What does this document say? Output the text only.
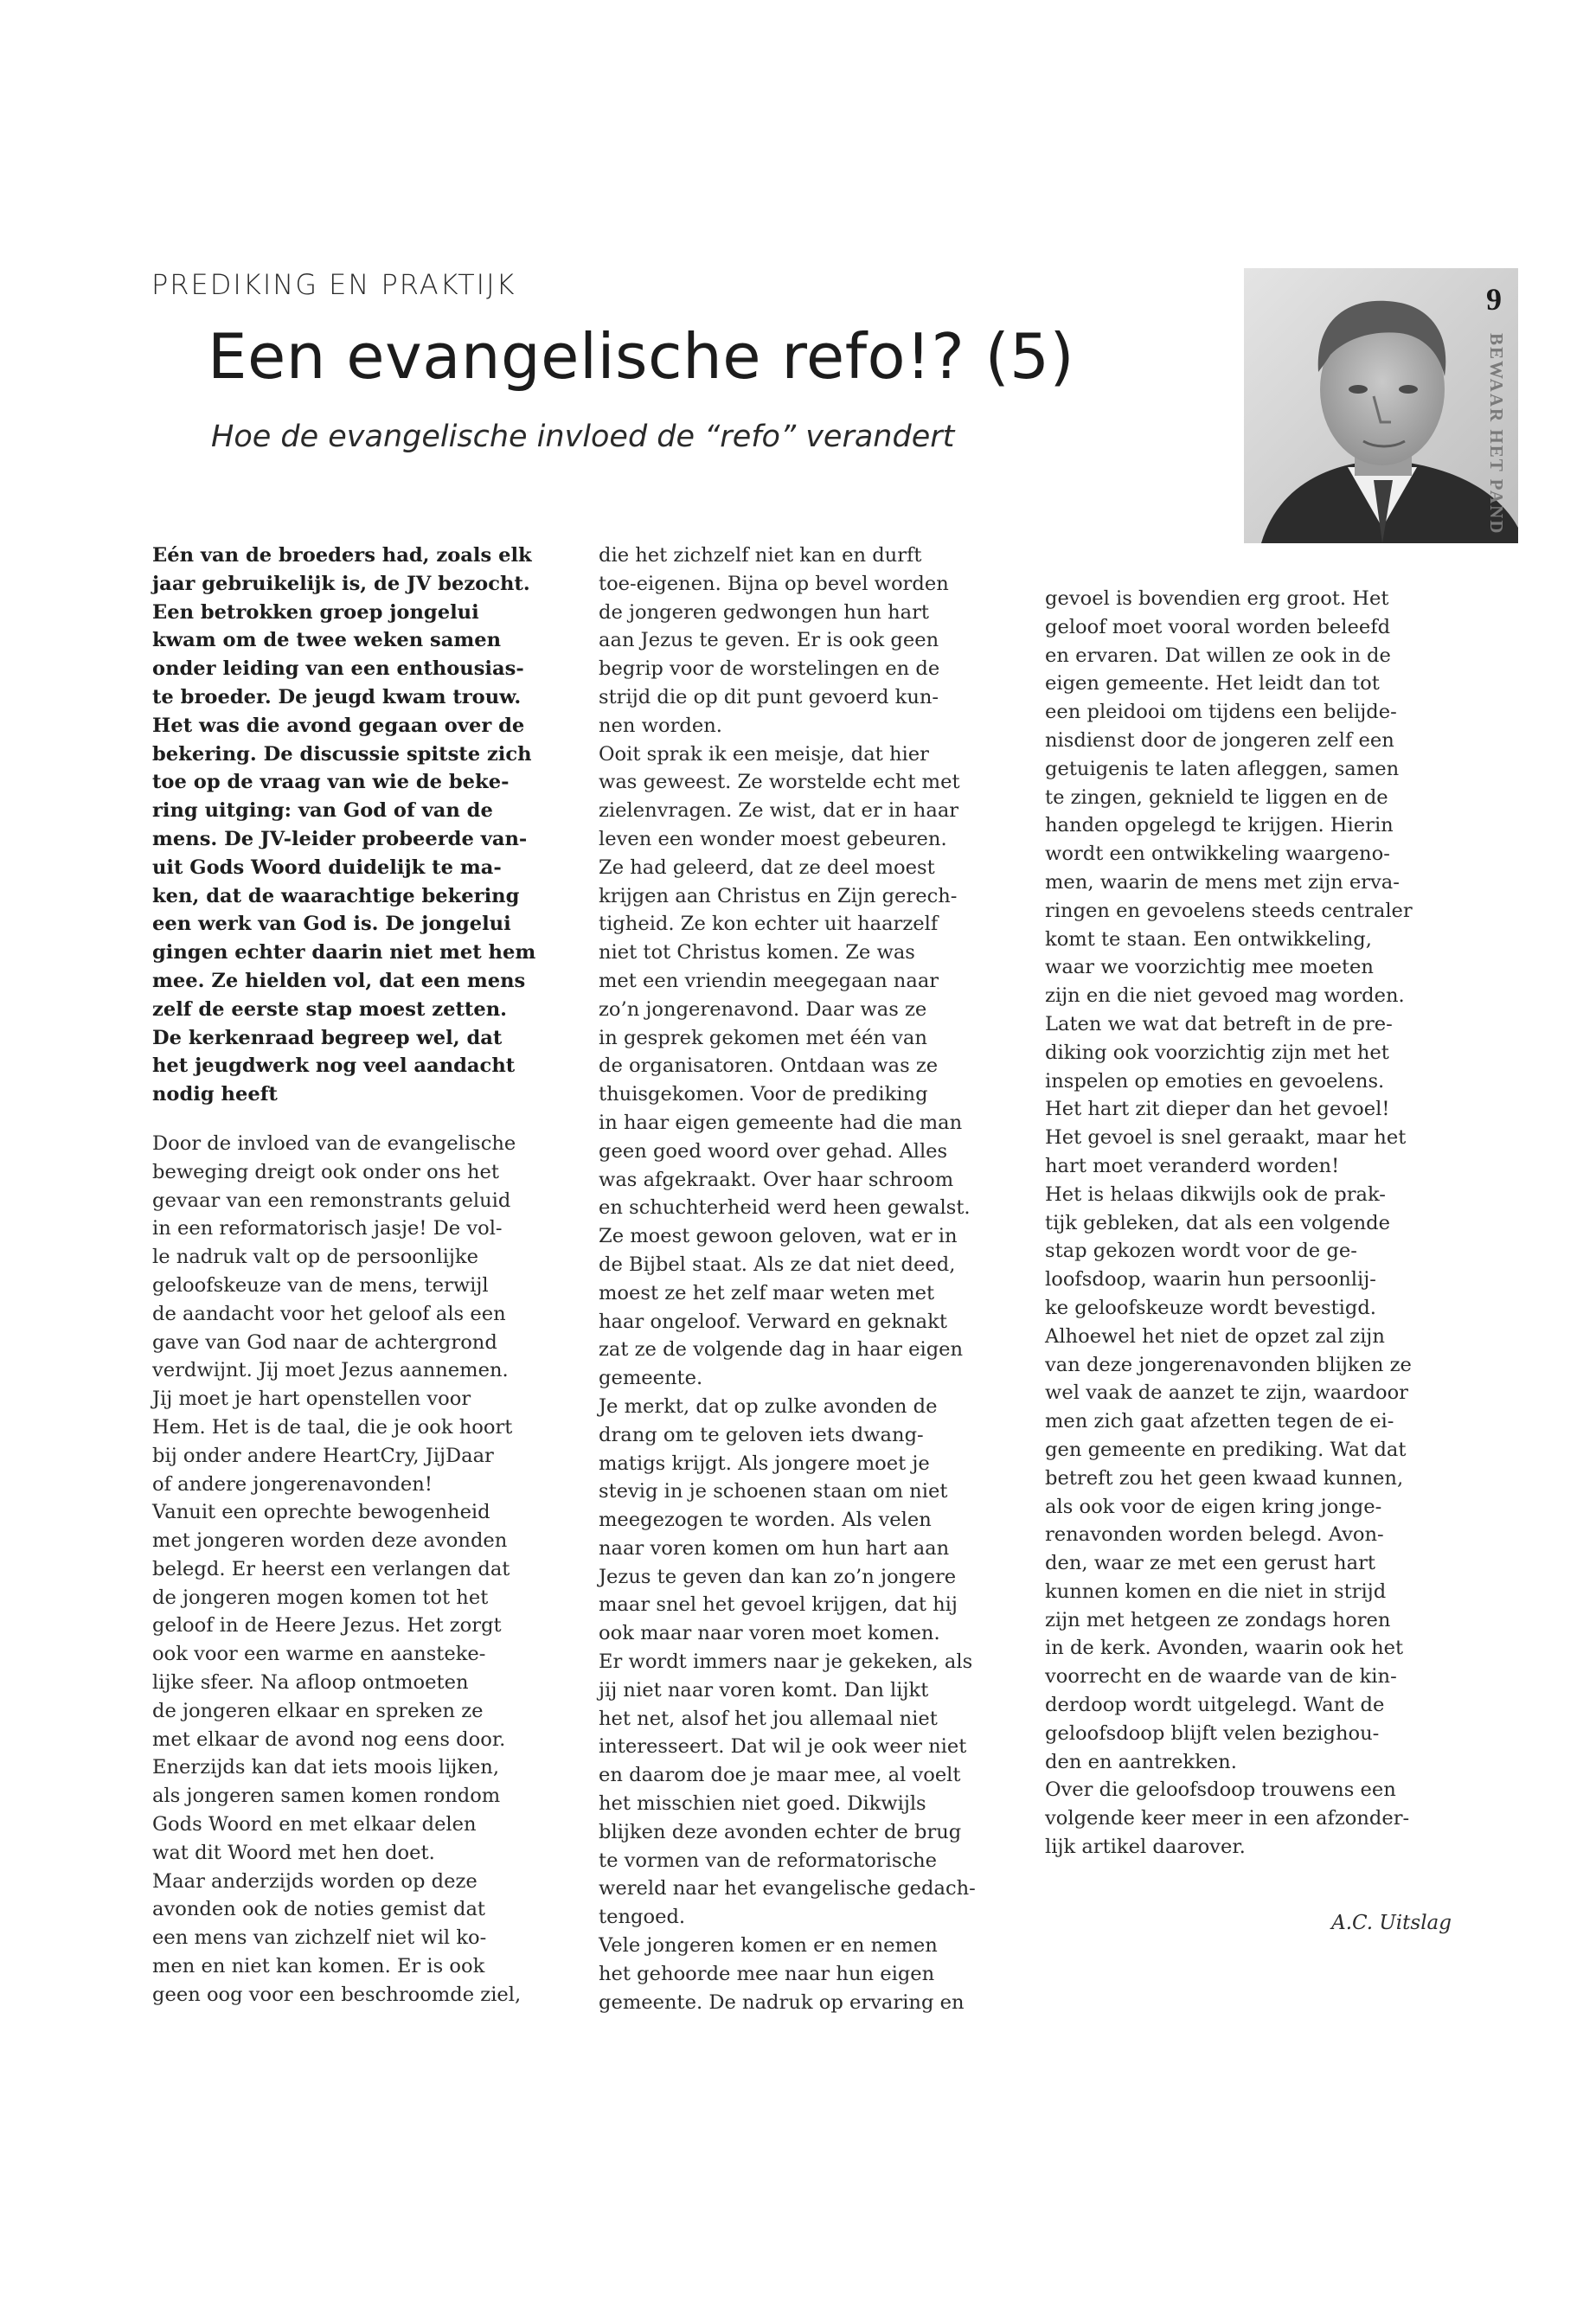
PREDIKING EN PRAKTIJK
Een evangelische refo!? (5)
Hoe de evangelische invloed de “refo” verandert
9
BEWAAR HET PAND
Eén van de broeders had, zoals elk
jaar gebruikelijk is, de JV bezocht.
Een betrokken groep jongelui
kwam om de twee weken samen
onder leiding van een enthousias-
te broeder. De jeugd kwam trouw.
Het was die avond gegaan over de
bekering. De discussie spitste zich
toe op de vraag van wie de beke-
ring uitging: van God of van de
mens. De JV-leider probeerde van-
uit Gods Woord duidelijk te ma-
ken, dat de waarachtige bekering
een werk van God is. De jongelui
gingen echter daarin niet met hem
mee. Ze hielden vol, dat een mens
zelf de eerste stap moest zetten.
De kerkenraad begreep wel, dat
het jeugdwerk nog veel aandacht
nodig heeft
Door de invloed van de evangelische
beweging dreigt ook onder ons het
gevaar van een remonstrants geluid
in een reformatorisch jasje! De vol-
le nadruk valt op de persoonlijke
geloofskeuze van de mens, terwijl
de aandacht voor het geloof als een
gave van God naar de achtergrond
verdwijnt. Jij moet Jezus aannemen.
Jij moet je hart openstellen voor
Hem. Het is de taal, die je ook hoort
bij onder andere HeartCry, JijDaar
of andere jongerenavonden!
Vanuit een oprechte bewogenheid
met jongeren worden deze avonden
belegd. Er heerst een verlangen dat
de jongeren mogen komen tot het
geloof in de Heere Jezus. Het zorgt
ook voor een warme en aansteke-
lijke sfeer. Na afloop ontmoeten
de jongeren elkaar en spreken ze
met elkaar de avond nog eens door.
Enerzijds kan dat iets moois lijken,
als jongeren samen komen rondom
Gods Woord en met elkaar delen
wat dit Woord met hen doet.
Maar anderzijds worden op deze
avonden ook de noties gemist dat
een mens van zichzelf niet wil ko-
men en niet kan komen. Er is ook
geen oog voor een beschroomde ziel,
die het zichzelf niet kan en durft
toe-eigenen. Bijna op bevel worden
de jongeren gedwongen hun hart
aan Jezus te geven. Er is ook geen
begrip voor de worstelingen en de
strijd die op dit punt gevoerd kun-
nen worden.
Ooit sprak ik een meisje, dat hier
was geweest. Ze worstelde echt met
zielenvragen. Ze wist, dat er in haar
leven een wonder moest gebeuren.
Ze had geleerd, dat ze deel moest
krijgen aan Christus en Zijn gerech-
tigheid. Ze kon echter uit haarzelf
niet tot Christus komen. Ze was
met een vriendin meegegaan naar
zo’n jongerenavond. Daar was ze
in gesprek gekomen met één van
de organisatoren. Ontdaan was ze
thuisgekomen. Voor de prediking
in haar eigen gemeente had die man
geen goed woord over gehad. Alles
was afgekraakt. Over haar schroom
en schuchterheid werd heen gewalst.
Ze moest gewoon geloven, wat er in
de Bijbel staat. Als ze dat niet deed,
moest ze het zelf maar weten met
haar ongeloof. Verward en geknakt
zat ze de volgende dag in haar eigen
gemeente.
Je merkt, dat op zulke avonden de
drang om te geloven iets dwang-
matigs krijgt. Als jongere moet je
stevig in je schoenen staan om niet
meegezogen te worden. Als velen
naar voren komen om hun hart aan
Jezus te geven dan kan zo’n jongere
maar snel het gevoel krijgen, dat hij
ook maar naar voren moet komen.
Er wordt immers naar je gekeken, als
jij niet naar voren komt. Dan lijkt
het net, alsof het jou allemaal niet
interesseert. Dat wil je ook weer niet
en daarom doe je maar mee, al voelt
het misschien niet goed. Dikwijls
blijken deze avonden echter de brug
te vormen van de reformatorische
wereld naar het evangelische gedach-
tengoed.
Vele jongeren komen er en nemen
het gehoorde mee naar hun eigen
gemeente. De nadruk op ervaring en
gevoel is bovendien erg groot. Het
geloof moet vooral worden beleefd
en ervaren. Dat willen ze ook in de
eigen gemeente. Het leidt dan tot
een pleidooi om tijdens een belijde-
nisdienst door de jongeren zelf een
getuigenis te laten afleggen, samen
te zingen, geknield te liggen en de
handen opgelegd te krijgen. Hierin
wordt een ontwikkeling waargeno-
men, waarin de mens met zijn erva-
ringen en gevoelens steeds centraler
komt te staan. Een ontwikkeling,
waar we voorzichtig mee moeten
zijn en die niet gevoed mag worden.
Laten we wat dat betreft in de pre-
diking ook voorzichtig zijn met het
inspelen op emoties en gevoelens.
Het hart zit dieper dan het gevoel!
Het gevoel is snel geraakt, maar het
hart moet veranderd worden!
Het is helaas dikwijls ook de prak-
tijk gebleken, dat als een volgende
stap gekozen wordt voor de ge-
loofsdoop, waarin hun persoonlij-
ke geloofskeuze wordt bevestigd.
Alhoewel het niet de opzet zal zijn
van deze jongerenavonden blijken ze
wel vaak de aanzet te zijn, waardoor
men zich gaat afzetten tegen de ei-
gen gemeente en prediking. Wat dat
betreft zou het geen kwaad kunnen,
als ook voor de eigen kring jonge-
renavonden worden belegd. Avon-
den, waar ze met een gerust hart
kunnen komen en die niet in strijd
zijn met hetgeen ze zondags horen
in de kerk. Avonden, waarin ook het
voorrecht en de waarde van de kin-
derdoop wordt uitgelegd. Want de
geloofsdoop blijft velen bezighou-
den en aantrekken.
Over die geloofsdoop trouwens een
volgende keer meer in een afzonder-
lijk artikel daarover.
A.C. Uitslag
